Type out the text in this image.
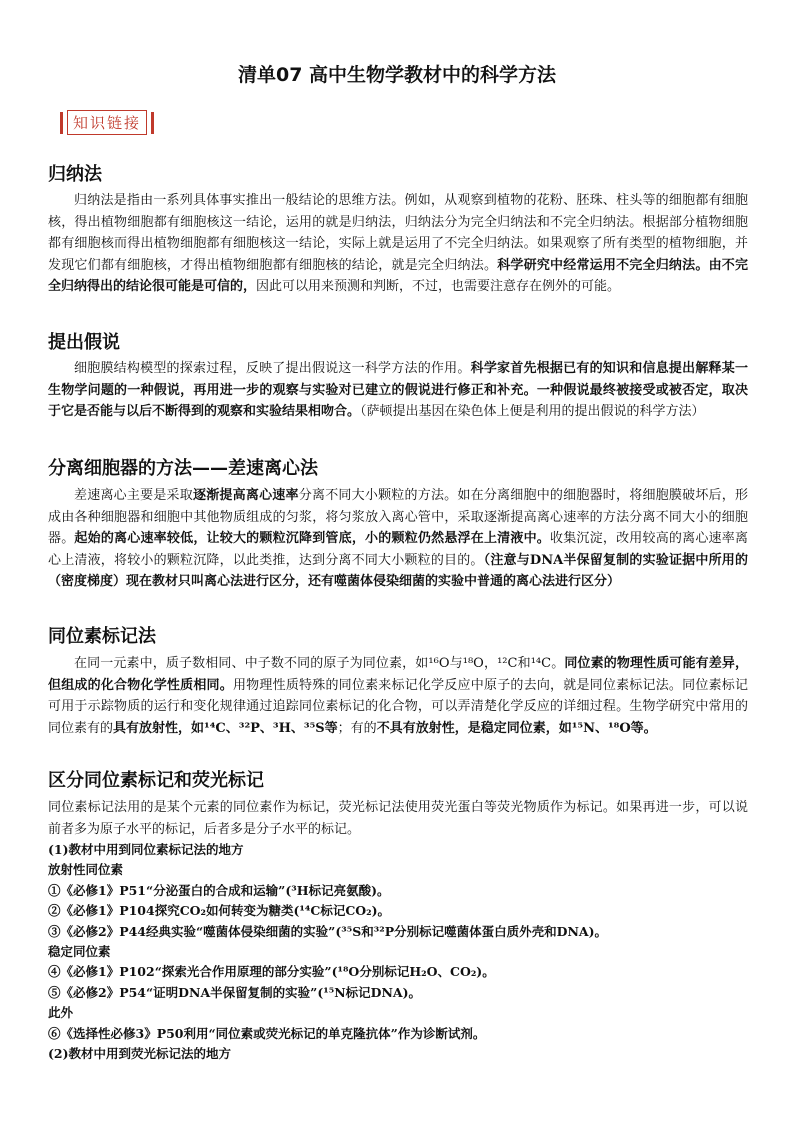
清单07 高中生物学教材中的科学方法
知识链接
归纳法

归纳法是指由一系列具体事实推出一般结论的思维方法。例如，从观察到植物的花粉、胚珠、柱头等的细胞都有细胞核，得出植物细胞都有细胞核这一结论，运用的就是归纳法，归纳法分为完全归纳法和不完全归纳法。根据部分植物细胞都有细胞核而得出植物细胞都有细胞核这一结论，实际上就是运用了不完全归纳法。如果观察了所有类型的植物细胞，并发现它们都有细胞核，才得出植物细胞都有细胞核的结论，就是完全归纳法。科学研究中经常运用不完全归纳法。由不完全归纳得出的结论很可能是可信的，因此可以用来预测和判断，不过，也需要注意存在例外的可能。

提出假说

细胞膜结构模型的探索过程，反映了提出假说这一科学方法的作用。科学家首先根据已有的知识和信息提出解释某一生物学问题的一种假说，再用进一步的观察与实验对已建立的假说进行修正和补充。一种假说最终被接受或被否定，取决于它是否能与以后不断得到的观察和实验结果相吻合。（萨顿提出基因在染色体上便是利用的提出假说的科学方法）

分离细胞器的方法——差速离心法

差速离心主要是采取逐渐提高离心速率分离不同大小颗粒的方法。如在分离细胞中的细胞器时，将细胞膜破坏后，形成由各种细胞器和细胞中其他物质组成的匀浆，将匀浆放入离心管中，采取逐渐提高离心速率的方法分离不同大小的细胞器。起始的离心速率较低，让较大的颗粒沉降到管底，小的颗粒仍然悬浮在上清液中。收集沉淀，改用较高的离心速率离心上清液，将较小的颗粒沉降，以此类推，达到分离不同大小颗粒的目的。（注意与DNA半保留复制的实验证据中所用的（密度梯度）现在教材只叫离心法进行区分，还有噬菌体侵染细菌的实验中普通的离心法进行区分）

同位素标记法

在同一元素中，质子数相同、中子数不同的原子为同位素，如¹⁶O与¹⁸O，¹²C和¹⁴C。同位素的物理性质可能有差异，但组成的化合物化学性质相同。用物理性质特殊的同位素来标记化学反应中原子的去向，就是同位素标记法。同位素标记可用于示踪物质的运行和变化规律通过追踪同位素标记的化合物，可以弄清楚化学反应的详细过程。生物学研究中常用的同位素有的具有放射性，如¹⁴C、³²P、³H、³⁵S等；有的不具有放射性，是稳定同位素，如¹⁵N、¹⁸O等。

区分同位素标记和荧光标记

同位素标记法用的是某个元素的同位素作为标记，荧光标记法使用荧光蛋白等荧光物质作为标记。如果再进一步，可以说前者多为原子水平的标记，后者多是分子水平的标记。

(1)教材中用到同位素标记法的地方
放射性同位素
①《必修1》P51“分泌蛋白的合成和运输”(³H标记亮氨酸)。
②《必修1》P104探究CO₂如何转变为糖类(¹⁴C标记CO₂)。
③《必修2》P44经典实验“噬菌体侵染细菌的实验”(³⁵S和³²P分别标记噬菌体蛋白质外壳和DNA)。
稳定同位素
④《必修1》P102“探索光合作用原理的部分实验”(¹⁸O分别标记H₂O、CO₂)。
⑤《必修2》P54“证明DNA半保留复制的实验”(¹⁵N标记DNA)。
此外
⑥《选择性必修3》P50利用“同位素或荧光标记的单克隆抗体”作为诊断试剂。
(2)教材中用到荧光标记法的地方
